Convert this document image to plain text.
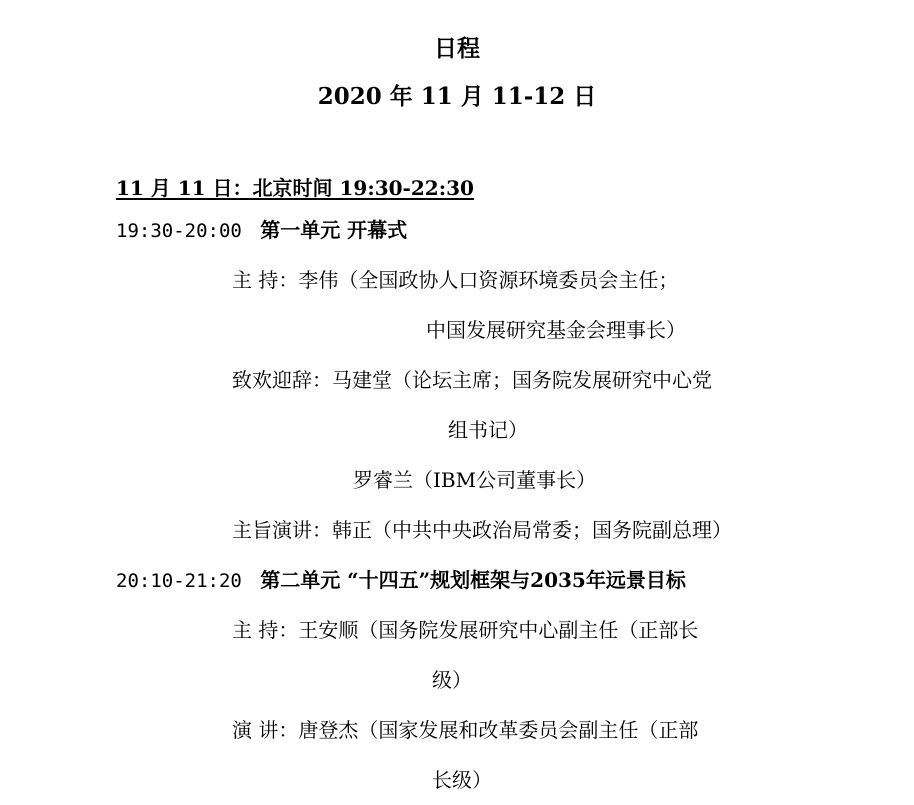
日程
2020 年 11 月 11-12 日
11 月 11 日：北京时间 19:30-22:30
19:30-20:00 第一单元 开幕式
主 持：李伟（全国政协人口资源环境委员会主任；
中国发展研究基金会理事长）
致欢迎辞：马建堂（论坛主席；国务院发展研究中心党
组书记）
罗睿兰（IBM公司董事长）
主旨演讲：韩正（中共中央政治局常委；国务院副总理）
20:10-21:20 第二单元 “十四五”规划框架与2035年远景目标
主 持：王安顺（国务院发展研究中心副主任（正部长
级）
演 讲：唐登杰（国家发展和改革委员会副主任（正部
长级）
